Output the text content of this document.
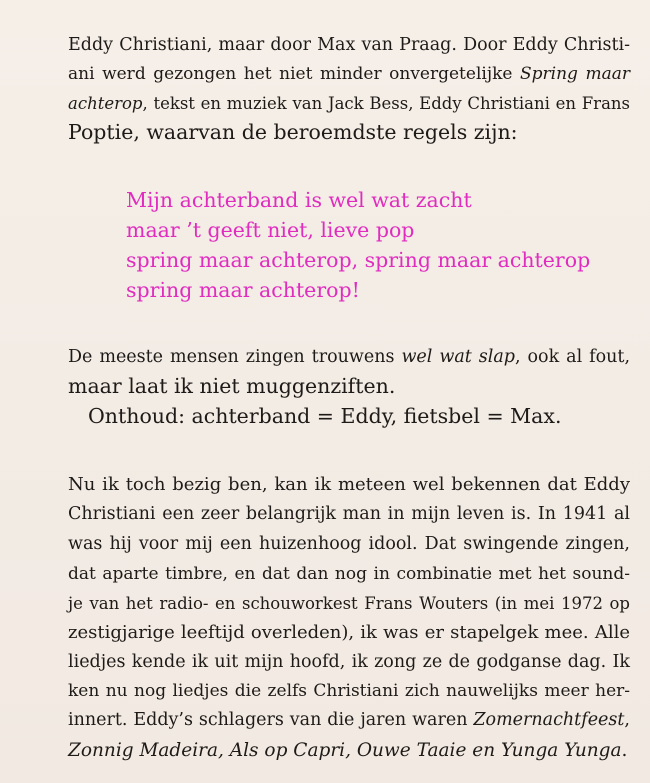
Eddy Christiani, maar door Max van Praag. Door Eddy Christi-
ani werd gezongen het niet minder onvergetelijke Spring maar
achterop, tekst en muziek van Jack Bess, Eddy Christiani en Frans
Poptie, waarvan de beroemdste regels zijn:
Mijn achterband is wel wat zacht
maar ’t geeft niet, lieve pop
spring maar achterop, spring maar achterop
spring maar achterop!
De meeste mensen zingen trouwens wel wat slap, ook al fout,
maar laat ik niet muggenziften.
Onthoud: achterband = Eddy, fietsbel = Max.
Nu ik toch bezig ben, kan ik meteen wel bekennen dat Eddy
Christiani een zeer belangrijk man in mijn leven is. In 1941 al
was hij voor mij een huizenhoog idool. Dat swingende zingen,
dat aparte timbre, en dat dan nog in combinatie met het sound-
je van het radio- en schouworkest Frans Wouters (in mei 1972 op
zestigjarige leeftijd overleden), ik was er stapelgek mee. Alle
liedjes kende ik uit mijn hoofd, ik zong ze de godganse dag. Ik
ken nu nog liedjes die zelfs Christiani zich nauwelijks meer her-
innert. Eddy’s schlagers van die jaren waren Zomernachtfeest,
Zonnig Madeira, Als op Capri, Ouwe Taaie en Yunga Yunga.
